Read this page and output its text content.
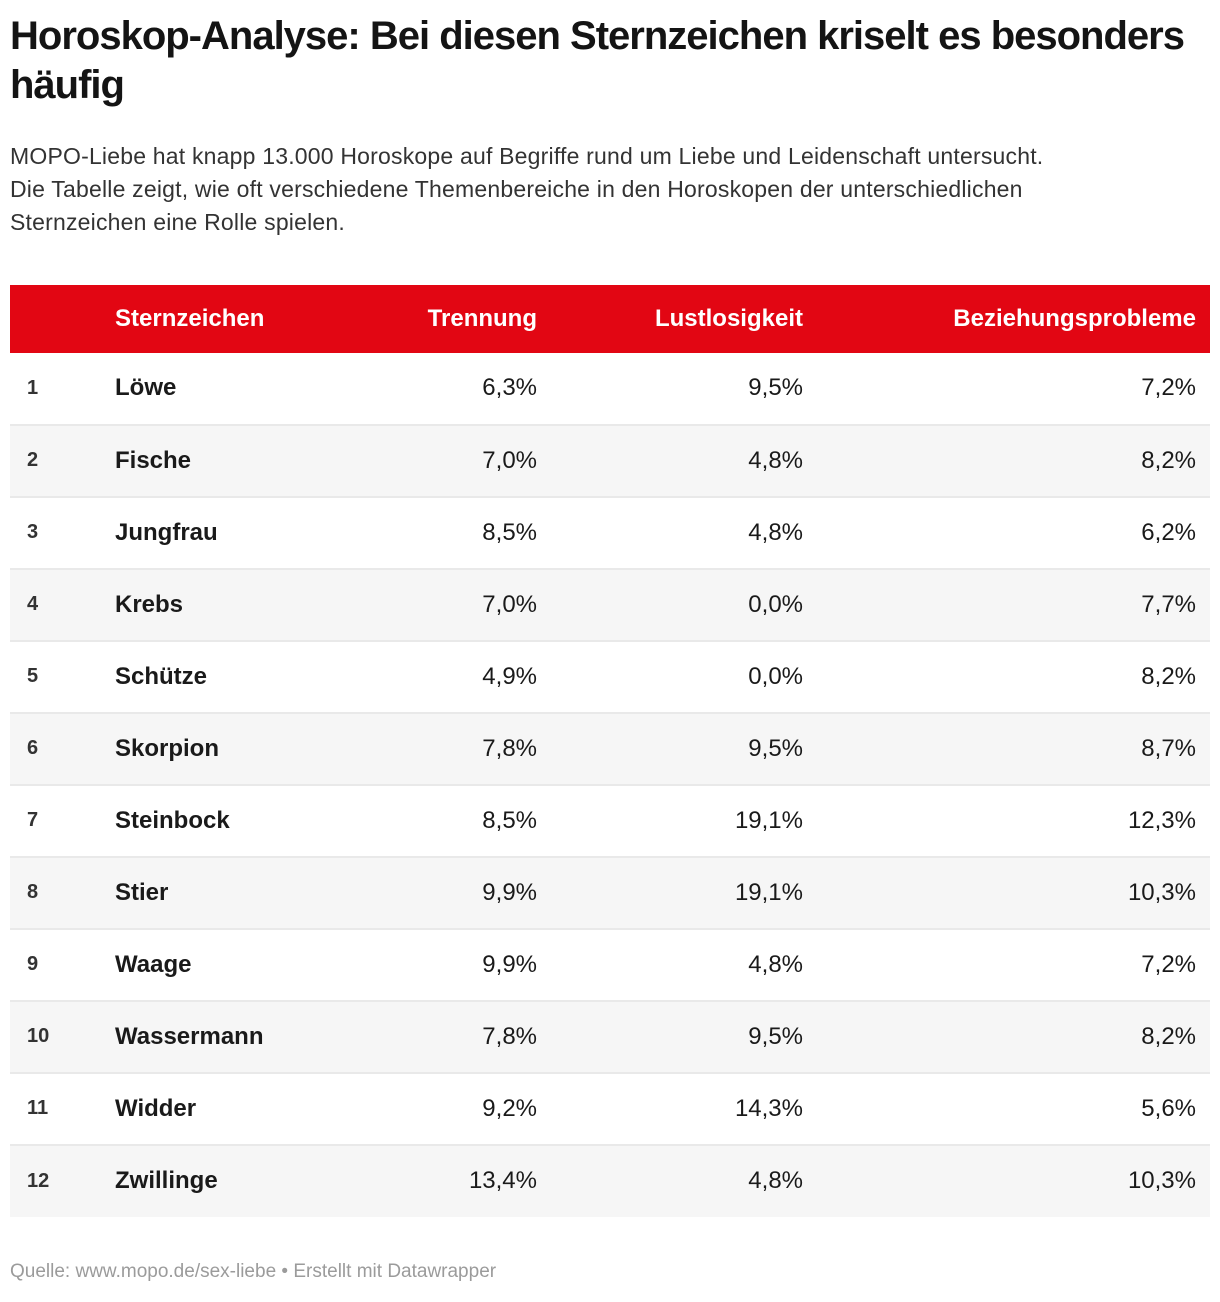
Horoskop-Analyse: Bei diesen Sternzeichen kriselt es besonders häufig

MOPO-Liebe hat knapp 13.000 Horoskope auf Begriffe rund um Liebe und Leidenschaft untersucht. Die Tabelle zeigt, wie oft verschiedene Themenbereiche in den Horoskopen der unterschiedlichen Sternzeichen eine Rolle spielen.

	Sternzeichen	Trennung	Lustlosigkeit	Beziehungsprobleme
1	Löwe	6,3%	9,5%	7,2%
2	Fische	7,0%	4,8%	8,2%
3	Jungfrau	8,5%	4,8%	6,2%
4	Krebs	7,0%	0,0%	7,7%
5	Schütze	4,9%	0,0%	8,2%
6	Skorpion	7,8%	9,5%	8,7%
7	Steinbock	8,5%	19,1%	12,3%
8	Stier	9,9%	19,1%	10,3%
9	Waage	9,9%	4,8%	7,2%
10	Wassermann	7,8%	9,5%	8,2%
11	Widder	9,2%	14,3%	5,6%
12	Zwillinge	13,4%	4,8%	10,3%

Quelle: www.mopo.de/sex-liebe • Erstellt mit Datawrapper
